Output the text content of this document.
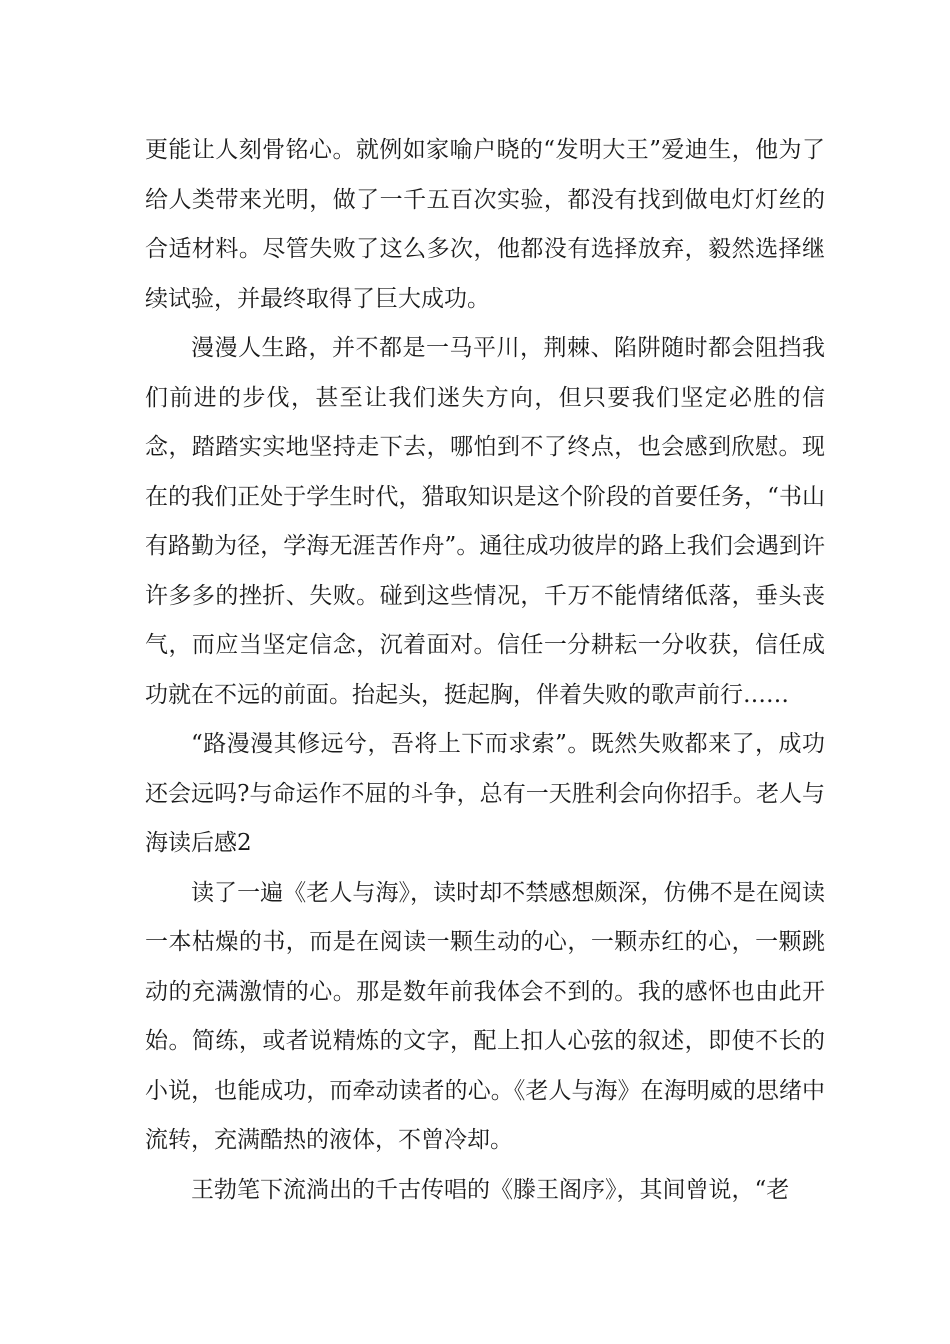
更能让人刻骨铭心。就例如家喻户晓的“发明大王”爱迪生，他为了给人类带来光明，做了一千五百次实验，都没有找到做电灯灯丝的合适材料。尽管失败了这么多次，他都没有选择放弃，毅然选择继续试验，并最终取得了巨大成功。

漫漫人生路，并不都是一马平川，荆棘、陷阱随时都会阻挡我们前进的步伐，甚至让我们迷失方向，但只要我们坚定必胜的信念，踏踏实实地坚持走下去，哪怕到不了终点，也会感到欣慰。现在的我们正处于学生时代，猎取知识是这个阶段的首要任务，“书山有路勤为径，学海无涯苦作舟”。通往成功彼岸的路上我们会遇到许许多多的挫折、失败。碰到这些情况，千万不能情绪低落，垂头丧气，而应当坚定信念，沉着面对。信任一分耕耘一分收获，信任成功就在不远的前面。抬起头，挺起胸，伴着失败的歌声前行……

“路漫漫其修远兮，吾将上下而求索”。既然失败都来了，成功还会远吗?与命运作不屈的斗争，总有一天胜利会向你招手。老人与海读后感2

读了一遍《老人与海》，读时却不禁感想颇深，仿佛不是在阅读一本枯燥的书，而是在阅读一颗生动的心，一颗赤红的心，一颗跳动的充满激情的心。那是数年前我体会不到的。我的感怀也由此开始。简练，或者说精炼的文字，配上扣人心弦的叙述，即使不长的小说，也能成功，而牵动读者的心。《老人与海》在海明威的思绪中流转，充满酷热的液体，不曾冷却。

王勃笔下流淌出的千古传唱的《滕王阁序》，其间曾说，“老
